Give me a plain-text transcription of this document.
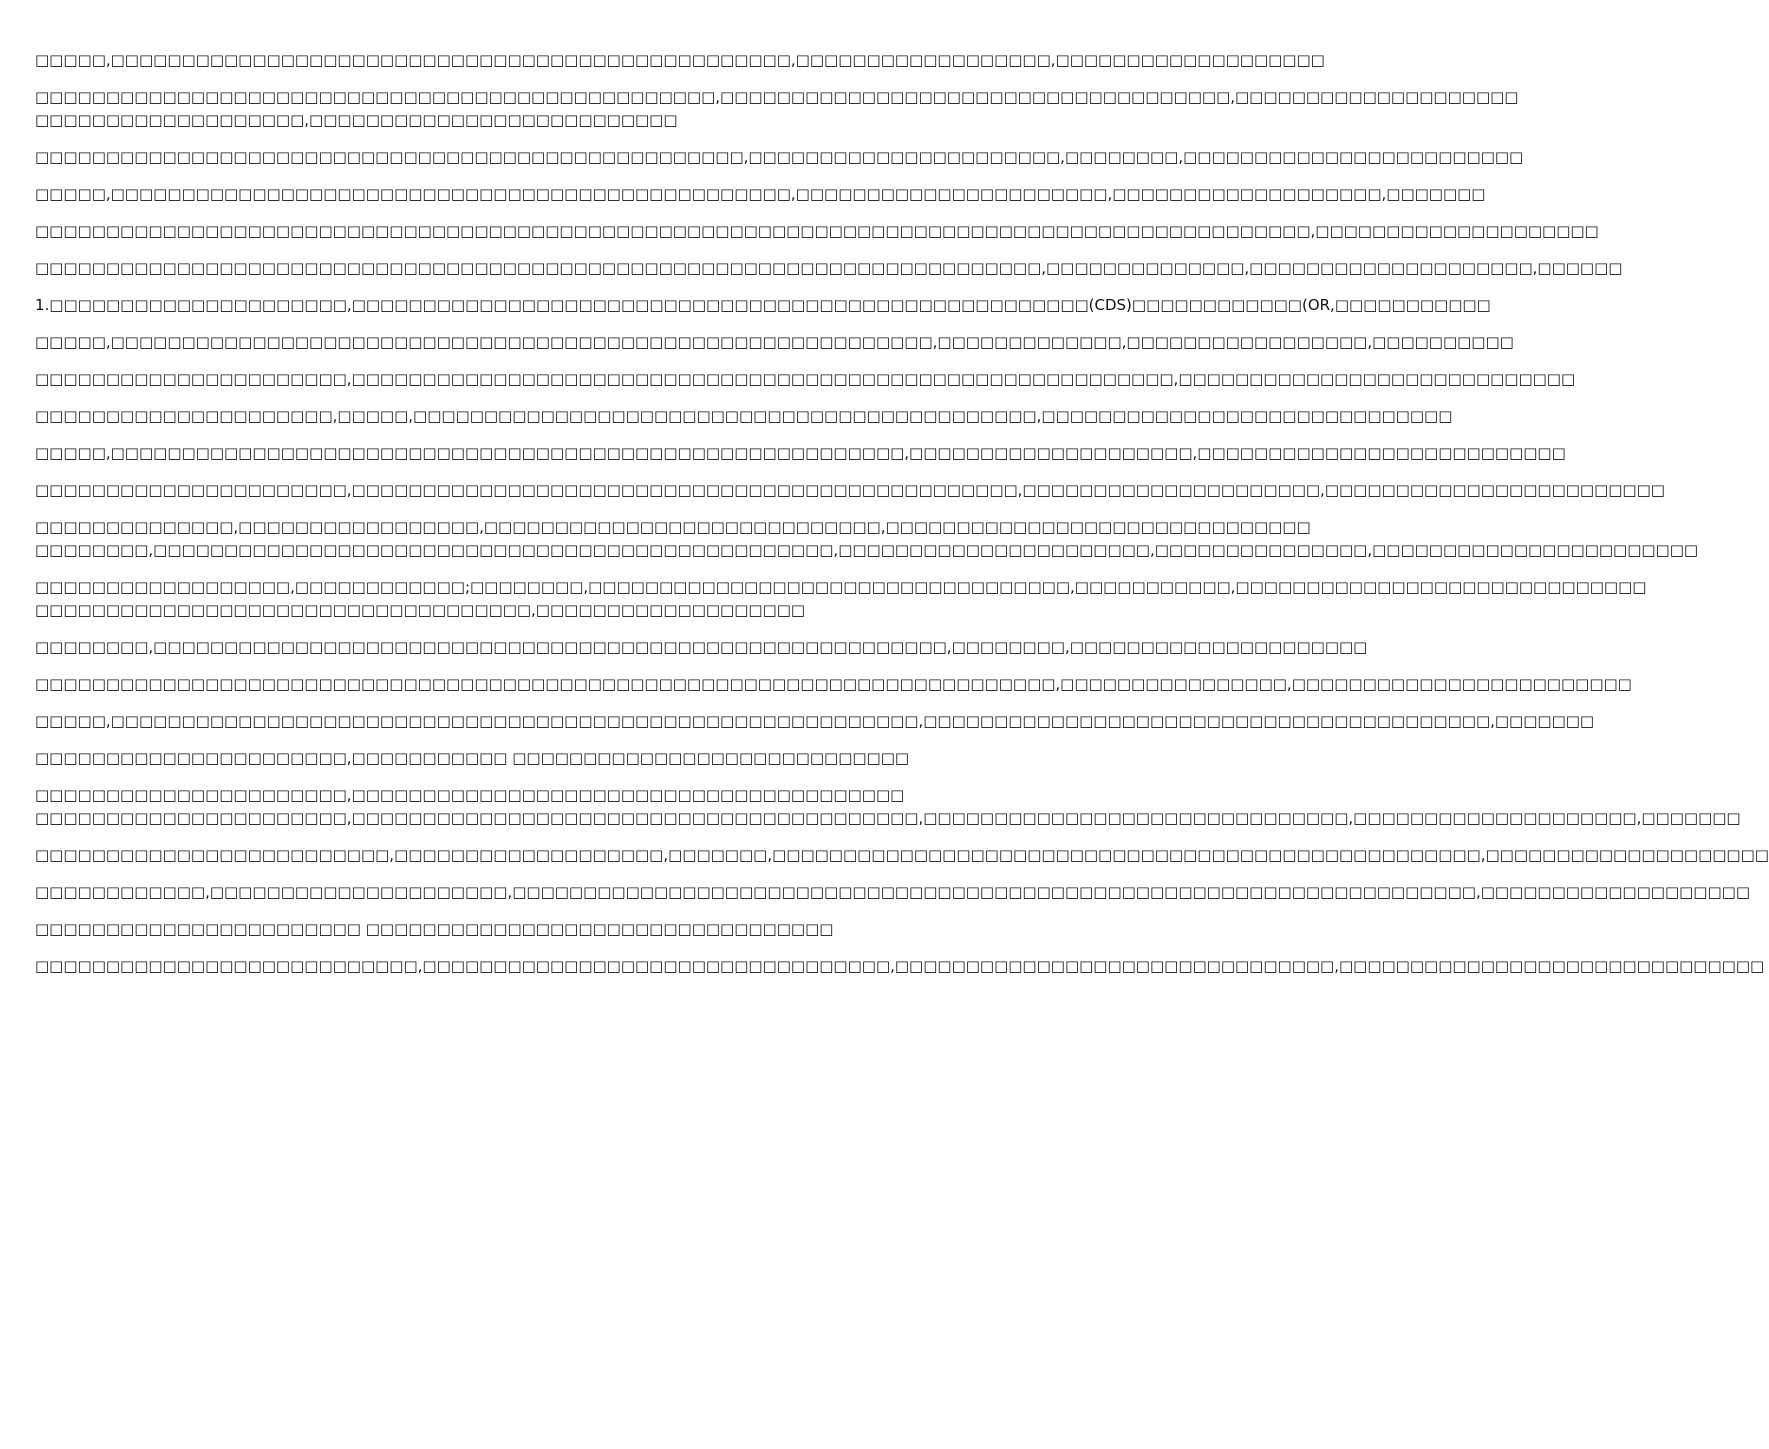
□□□□□,□□□□□□□□□□□□□□□□□□□□□□□□□□□□□□□□□□□□□□□□□□□□□□□□,□□□□□□□□□□□□□□□□□□,□□□□□□□□□□□□□□□□□□□
□□□□□□□□□□□□□□□□□□□□□□□□□□□□□□□□□□□□□□□□□□□□□□□□,□□□□□□□□□□□□□□□□□□□□□□□□□□□□□□□□□□□□,□□□□□□□□□□□□□□□□□□□□
□□□□□□□□□□□□□□□□□□□,□□□□□□□□□□□□□□□□□□□□□□□□□□
□□□□□□□□□□□□□□□□□□□□□□□□□□□□□□□□□□□□□□□□□□□□□□□□□□,□□□□□□□□□□□□□□□□□□□□□□,□□□□□□□□,□□□□□□□□□□□□□□□□□□□□□□□□
□□□□□,□□□□□□□□□□□□□□□□□□□□□□□□□□□□□□□□□□□□□□□□□□□□□□□□,□□□□□□□□□□□□□□□□□□□□□□,□□□□□□□□□□□□□□□□□□□,□□□□□□□
□□□□□□□□□□□□□□□□□□□□□□□□□□□□□□□□□□□□□□□□□□□□□□□□□□□□□□□□□□□□□□□□□□□□□□□□□□□□□□□□□□□□□□□□□□,□□□□□□□□□□□□□□□□□□□□
□□□□□□□□□□□□□□□□□□□□□□□□□□□□□□□□□□□□□□□□□□□□□□□□□□□□□□□□□□□□□□□□□□□□□□□,□□□□□□□□□□□□□□,□□□□□□□□□□□□□□□□□□□□,□□□□□□
1.□□□□□□□□□□□□□□□□□□□□□,□□□□□□□□□□□□□□□□□□□□□□□□□□□□□□□□□□□□□□□□□□□□□□□□□□□□(CDS)□□□□□□□□□□□□(OR,□□□□□□□□□□□
□□□□□,□□□□□□□□□□□□□□□□□□□□□□□□□□□□□□□□□□□□□□□□□□□□□□□□□□□□□□□□□□,□□□□□□□□□□□□□,□□□□□□□□□□□□□□□□□,□□□□□□□□□□
□□□□□□□□□□□□□□□□□□□□□□,□□□□□□□□□□□□□□□□□□□□□□□□□□□□□□□□□□□□□□□□□□□□□□□□□□□□□□□□□□,□□□□□□□□□□□□□□□□□□□□□□□□□□□□
□□□□□□□□□□□□□□□□□□□□□,□□□□□,□□□□□□□□□□□□□□□□□□□□□□□□□□□□□□□□□□□□□□□□□□□□,□□□□□□□□□□□□□□□□□□□□□□□□□□□□□
□□□□□,□□□□□□□□□□□□□□□□□□□□□□□□□□□□□□□□□□□□□□□□□□□□□□□□□□□□□□□□,□□□□□□□□□□□□□□□□□□□□,□□□□□□□□□□□□□□□□□□□□□□□□□□
□□□□□□□□□□□□□□□□□□□□□□,□□□□□□□□□□□□□□□□□□□□□□□□□□□□□□□□□□□□□□□□□□□□□□□,□□□□□□□□□□□□□□□□□□□□□,□□□□□□□□□□□□□□□□□□□□□□□□
□□□□□□□□□□□□□□,□□□□□□□□□□□□□□□□□,□□□□□□□□□□□□□□□□□□□□□□□□□□□□,□□□□□□□□□□□□□□□□□□□□□□□□□□□□□□
□□□□□□□□,□□□□□□□□□□□□□□□□□□□□□□□□□□□□□□□□□□□□□□□□□□□□□□□□,□□□□□□□□□□□□□□□□□□□□□□,□□□□□□□□□□□□□□□,□□□□□□□□□□□□□□□□□□□□□□□
□□□□□□□□□□□□□□□□□□,□□□□□□□□□□□□;□□□□□□□□,□□□□□□□□□□□□□□□□□□□□□□□□□□□□□□□□□□,□□□□□□□□□□□,□□□□□□□□□□□□□□□□□□□□□□□□□□□□□
□□□□□□□□□□□□□□□□□□□□□□□□□□□□□□□□□□□,□□□□□□□□□□□□□□□□□□□
□□□□□□□□,□□□□□□□□□□□□□□□□□□□□□□□□□□□□□□□□□□□□□□□□□□□□□□□□□□□□□□□□,□□□□□□□□,□□□□□□□□□□□□□□□□□□□□□
□□□□□□□□□□□□□□□□□□□□□□□□□□□□□□□□□□□□□□□□□□□□□□□□□□□□□□□□□□□□□□□□□□□□□□□□,□□□□□□□□□□□□□□□□,□□□□□□□□□□□□□□□□□□□□□□□□
□□□□□,□□□□□□□□□□□□□□□□□□□□□□□□□□□□□□□□□□□□□□□□□□□□□□□□□□□□□□□□□,□□□□□□□□□□□□□□□□□□□□□□□□□□□□□□□□□□□□□□□□,□□□□□□□
□□□□□□□□□□□□□□□□□□□□□□,□□□□□□□□□□□ □□□□□□□□□□□□□□□□□□□□□□□□□□□□
□□□□□□□□□□□□□□□□□□□□□□,□□□□□□□□□□□□□□□□□□□□□□□□□□□□□□□□□□□□□□□
□□□□□□□□□□□□□□□□□□□□□□,□□□□□□□□□□□□□□□□□□□□□□□□□□□□□□□□□□□□□□□□,□□□□□□□□□□□□□□□□□□□□□□□□□□□□□□,□□□□□□□□□□□□□□□□□□□□,□□□□□□□
□□□□□□□□□□□□□□□□□□□□□□□□□,□□□□□□□□□□□□□□□□□□□,□□□□□□□,□□□□□□□□□□□□□□□□□□□□□□□□□□□□□□□□□□□□□□□□□□□□□□□□□□,□□□□□□□□□□□□□□□□□□□□
□□□□□□□□□□□□,□□□□□□□□□□□□□□□□□□□□□,□□□□□□□□□□□□□□□□□□□□□□□□□□□□□□□□□□□□□□□□□□□□□□□□□□□□□□□□□□□□□□□□□□□□,□□□□□□□□□□□□□□□□□□□
□□□□□□□□□□□□□□□□□□□□□□□ □□□□□□□□□□□□□□□□□□□□□□□□□□□□□□□□□
□□□□□□□□□□□□□□□□□□□□□□□□□□□,□□□□□□□□□□□□□□□□□□□□□□□□□□□□□□□□□,□□□□□□□□□□□□□□□□□□□□□□□□□□□□□□□,□□□□□□□□□□□□□□□□□□□□□□□□□□□□□□
